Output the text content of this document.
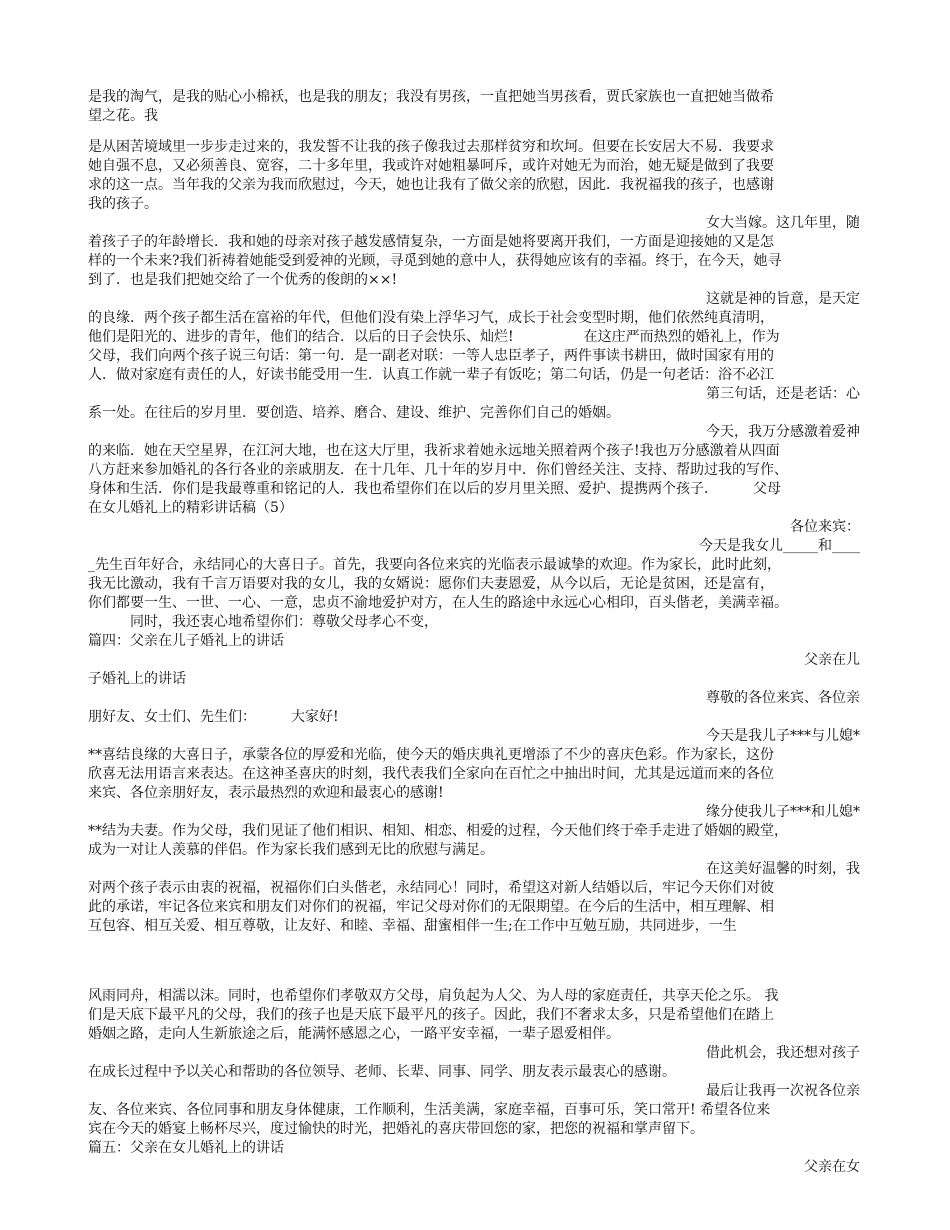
是我的淘气，是我的贴心小棉袄，也是我的朋友；我没有男孩，一直把她当男孩看，贾氏家族也一直把她当做希

望之花。我

是从困苦境域里一步步走过来的，我发誓不让我的孩子像我过去那样贫穷和坎坷。但要在长安居大不易．我要求

她自强不息，又必须善良、宽容，二十多年里，我或许对她粗暴呵斥，或许对她无为而治，她无疑是做到了我要

求的这一点。当年我的父亲为我而欣慰过，今天，她也让我有了做父亲的欣慰，因此．我祝福我的孩子，也感谢

我的孩子。

女大当嫁。这几年里，随

着孩子子的年龄增长．我和她的母亲对孩子越发感情复杂，一方面是她将要离开我们，一方面是迎接她的又是怎

样的一个未来?我们祈祷着她能受到爱神的光顾，寻觅到她的意中人，获得她应该有的幸福。终于，在今天，她寻

到了．也是我们把她交给了一个优秀的俊朗的××!

这就是神的旨意，是天定

的良缘．两个孩子都生活在富裕的年代，但他们没有染上浮华习气，成长于社会变型时期，他们依然纯真清明，

他们是阳光的、进步的青年，他们的结合．以后的日子会快乐、灿烂!　　　　　在这庄严而热烈的婚礼上，作为

父母，我们向两个孩子说三句话：第一句．是一副老对联：一等人忠臣孝子，两件事读书耕田，做时国家有用的

人．做对家庭有责任的人，好读书能受用一生．认真工作就一辈子有饭吃；第二句话，仍是一句老话：浴不必江

第三句话，还是老话：心

系一处。在往后的岁月里．要创造、培养、磨合、建设、维护、完善你们自己的婚姻。

今天，我万分感激着爱神

的来临．她在天空星界，在江河大地，也在这大厅里，我祈求着她永远地关照着两个孩子!我也万分感激着从四面

八方赶来参加婚礼的各行各业的亲戚朋友．在十几年、几十年的岁月中．你们曾经关注、支持、帮助过我的写作、

身体和生活．你们是我最尊重和铭记的人．我也希望你们在以后的岁月里关照、爱护、提携两个孩子．　　　父母

在女儿婚礼上的精彩讲话稿（5）

各位来宾：

今天是我女儿_____和____

_先生百年好合，永结同心的大喜日子。首先，我要向各位来宾的光临表示最诚挚的欢迎。作为家长，此时此刻，

我无比激动，我有千言万语要对我的女儿，我的女婿说：愿你们夫妻恩爱，从今以后，无论是贫困，还是富有，

你们都要一生、一世、一心、一意，忠贞不渝地爱护对方，在人生的路途中永远心心相印，百头偕老，美满幸福。

　　　同时，我还衷心地希望你们：尊敬父母孝心不变，

篇四：父亲在儿子婚礼上的讲话

父亲在儿

子婚礼上的讲话

尊敬的各位来宾、各位亲

朋好友、女士们、先生们：　　　大家好!

今天是我儿子***与儿媳*

**喜结良缘的大喜日子，承蒙各位的厚爱和光临，使今天的婚庆典礼更增添了不少的喜庆色彩。作为家长，这份

欣喜无法用语言来表达。在这神圣喜庆的时刻，我代表我们全家向在百忙之中抽出时间，尤其是远道而来的各位

来宾、各位亲朋好友，表示最热烈的欢迎和最衷心的感谢!

缘分使我儿子***和儿媳*

**结为夫妻。作为父母，我们见证了他们相识、相知、相恋、相爱的过程，今天他们终于牵手走进了婚姻的殿堂，

成为一对让人羡慕的伴侣。作为家长我们感到无比的欣慰与满足。

在这美好温馨的时刻，我

对两个孩子表示由衷的祝福，祝福你们白头偕老，永结同心！同时，希望这对新人结婚以后，牢记今天你们对彼

此的承诺，牢记各位来宾和朋友们对你们的祝福，牢记父母对你们的无限期望。在今后的生活中，相互理解、相

互包容、相互关爱、相互尊敬，让友好、和睦、幸福、甜蜜相伴一生;在工作中互勉互励，共同进步，一生

风雨同舟，相濡以沫。同时，也希望你们孝敬双方父母，肩负起为人父、为人母的家庭责任，共享天伦之乐。 我

们是天底下最平凡的父母，我们的孩子也是天底下最平凡的孩子。因此，我们不奢求太多，只是希望他们在踏上

婚姻之路，走向人生新旅途之后，能满怀感恩之心，一路平安幸福，一辈子恩爱相伴。

借此机会，我还想对孩子

在成长过程中予以关心和帮助的各位领导、老师、长辈、同事、同学、朋友表示最衷心的感谢。

最后让我再一次祝各位亲

友、各位来宾、各位同事和朋友身体健康，工作顺利，生活美满，家庭幸福，百事可乐，笑口常开! 希望各位来

宾在今天的婚宴上畅杯尽兴，度过愉快的时光，把婚礼的喜庆带回您的家，把您的祝福和掌声留下。

篇五：父亲在女儿婚礼上的讲话

父亲在女
